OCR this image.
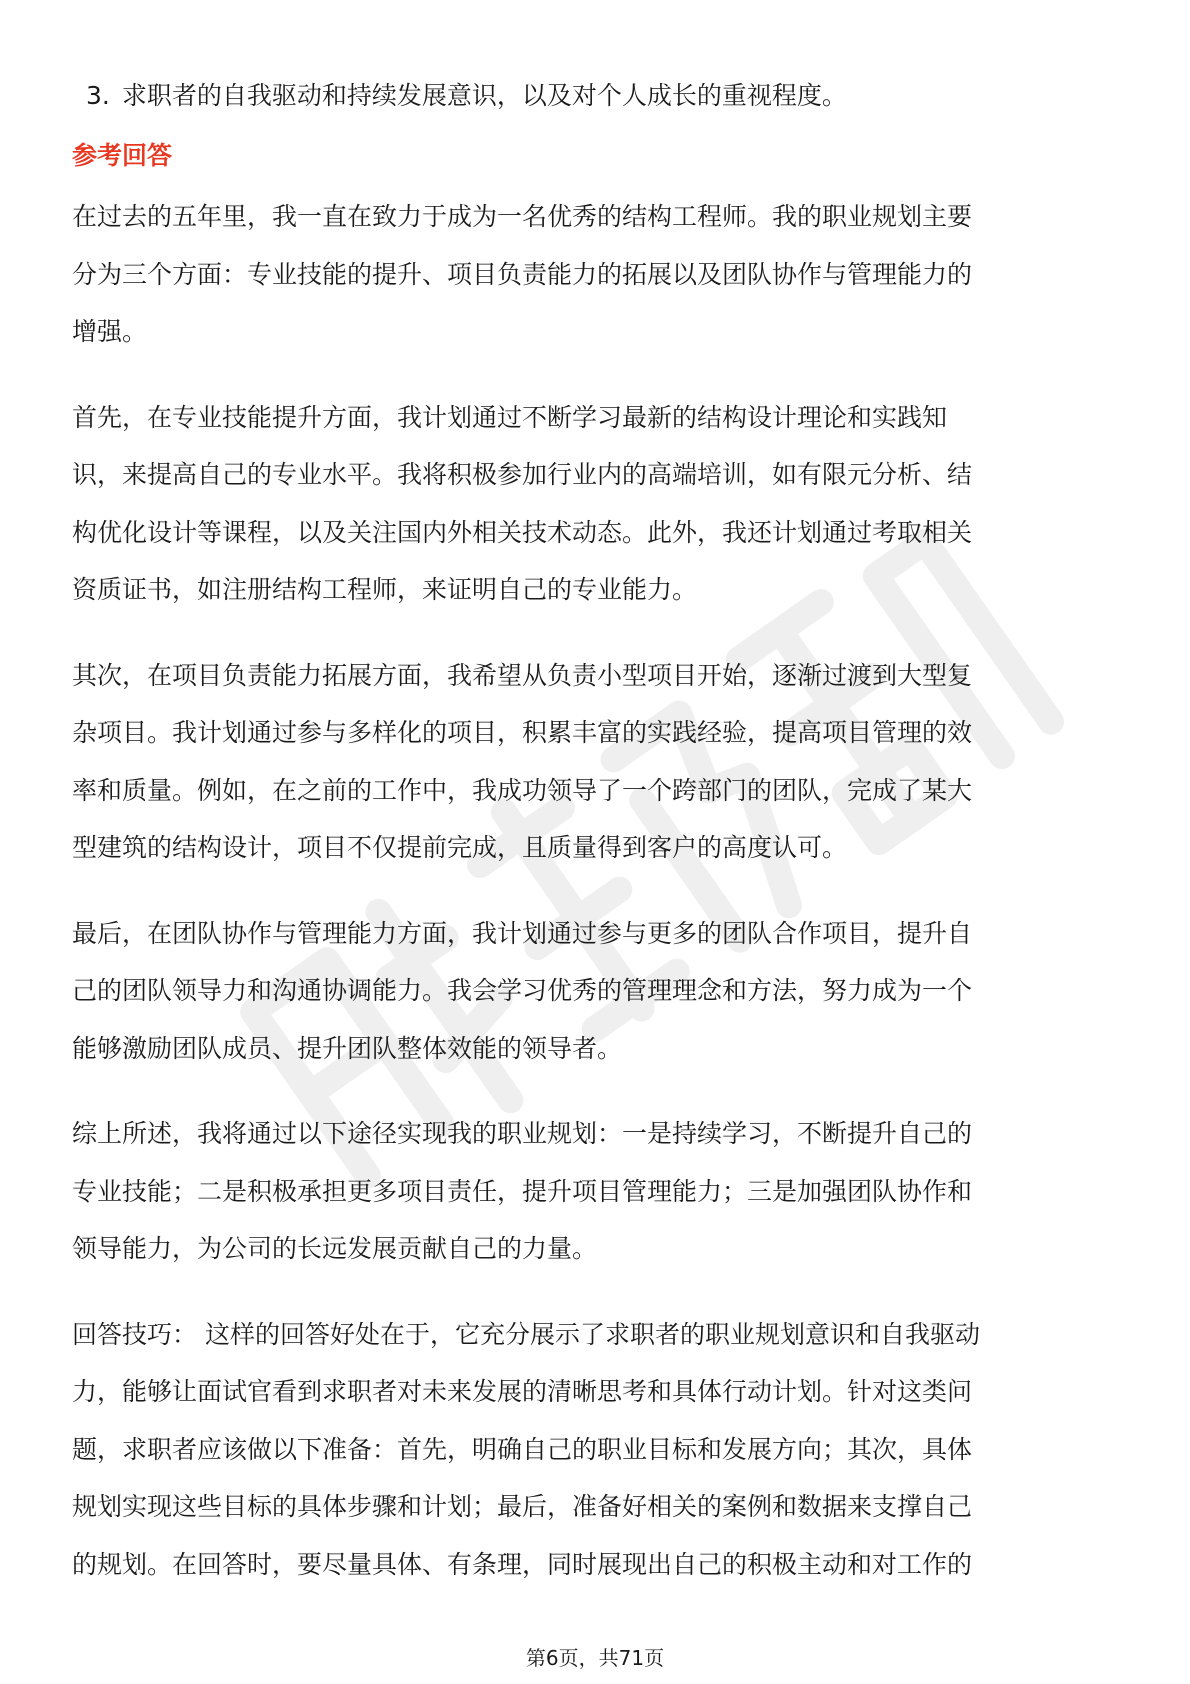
3. 求职者的自我驱动和持续发展意识，以及对个人成长的重视程度。

参考回答

在过去的五年里，我一直在致力于成为一名优秀的结构工程师。我的职业规划主要
分为三个方面：专业技能的提升、项目负责能力的拓展以及团队协作与管理能力的
增强。

首先，在专业技能提升方面，我计划通过不断学习最新的结构设计理论和实践知
识，来提高自己的专业水平。我将积极参加行业内的高端培训，如有限元分析、结
构优化设计等课程，以及关注国内外相关技术动态。此外，我还计划通过考取相关
资质证书，如注册结构工程师，来证明自己的专业能力。

其次，在项目负责能力拓展方面，我希望从负责小型项目开始，逐渐过渡到大型复
杂项目。我计划通过参与多样化的项目，积累丰富的实践经验，提高项目管理的效
率和质量。例如，在之前的工作中，我成功领导了一个跨部门的团队，完成了某大
型建筑的结构设计，项目不仅提前完成，且质量得到客户的高度认可。

最后，在团队协作与管理能力方面，我计划通过参与更多的团队合作项目，提升自
己的团队领导力和沟通协调能力。我会学习优秀的管理理念和方法，努力成为一个
能够激励团队成员、提升团队整体效能的领导者。

综上所述，我将通过以下途径实现我的职业规划：一是持续学习，不断提升自己的
专业技能；二是积极承担更多项目责任，提升项目管理能力；三是加强团队协作和
领导能力，为公司的长远发展贡献自己的力量。

回答技巧： 这样的回答好处在于，它充分展示了求职者的职业规划意识和自我驱动
力，能够让面试官看到求职者对未来发展的清晰思考和具体行动计划。针对这类问
题，求职者应该做以下准备：首先，明确自己的职业目标和发展方向；其次，具体
规划实现这些目标的具体步骤和计划；最后，准备好相关的案例和数据来支撑自己
的规划。在回答时，要尽量具体、有条理，同时展现出自己的积极主动和对工作的

第6页，共71页
